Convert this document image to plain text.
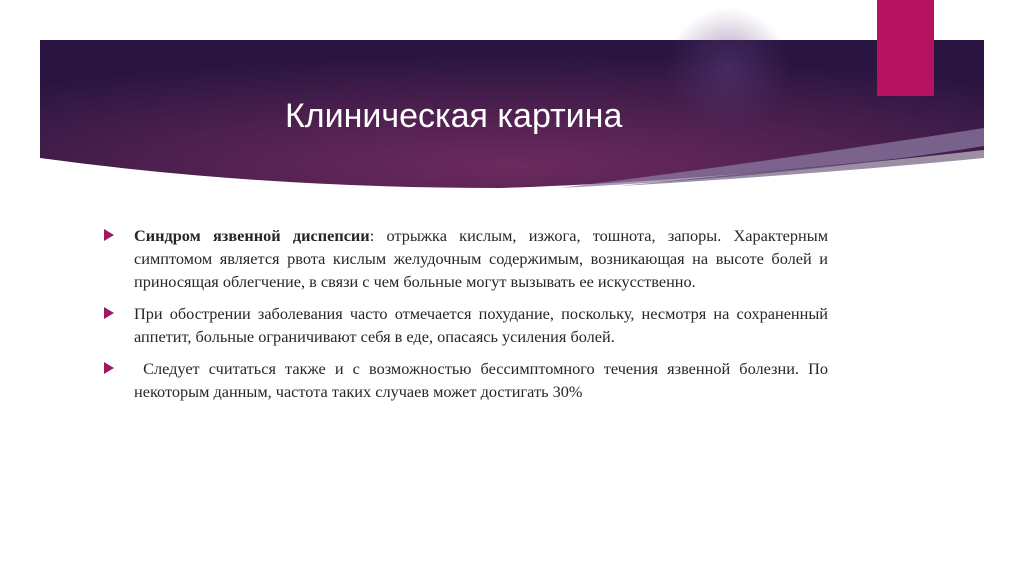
Клиническая картина
Синдром язвенной диспепсии: отрыжка кислым, изжога, тошнота, запоры. Характерным симптомом является рвота кислым желудочным содержимым, возникающая на высоте болей и приносящая облегчение, в связи с чем больные могут вызывать ее искусственно.
При обострении заболевания часто отмечается похудание, поскольку, несмотря на сохраненный аппетит, больные ограничивают себя в еде, опасаясь усиления болей.
Следует считаться также и с возможностью бессимптомного течения язвенной болезни. По некоторым данным, частота таких случаев может достигать 30%
